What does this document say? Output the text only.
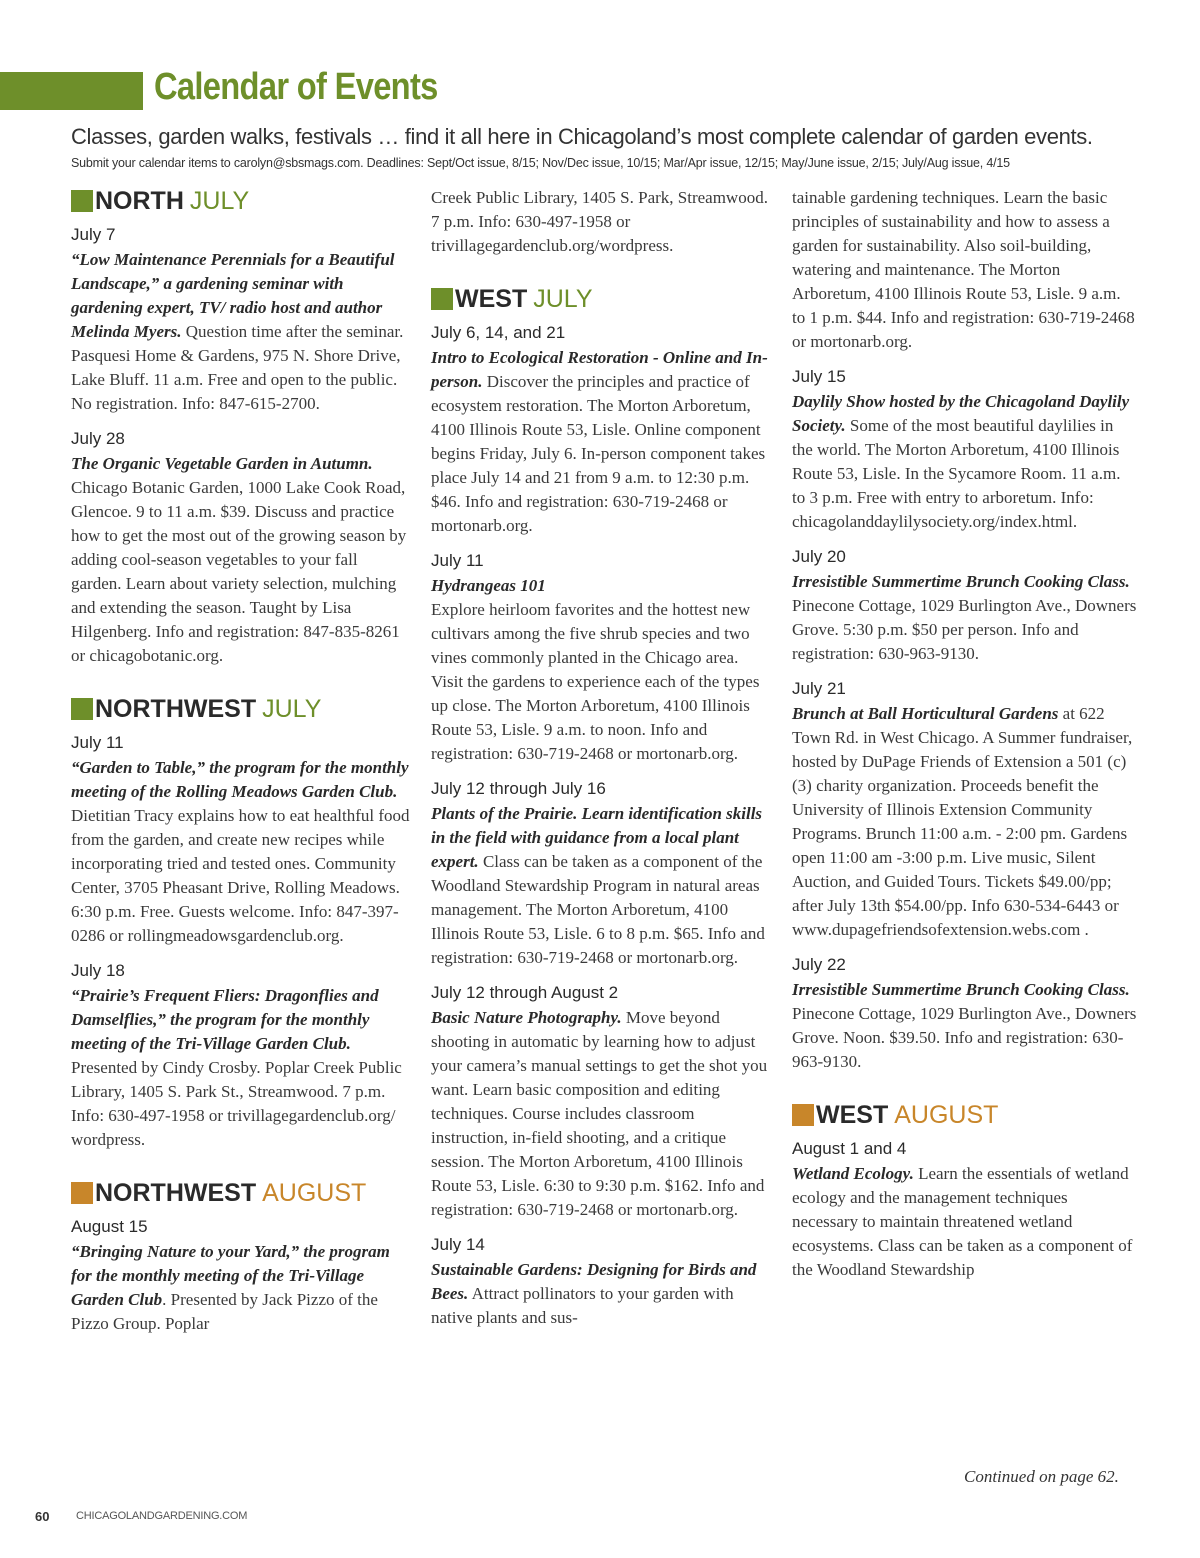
Calendar of Events
Classes, garden walks, festivals … find it all here in Chicagoland’s most complete calendar of garden events.
Submit your calendar items to carolyn@sbsmags.com. Deadlines: Sept/Oct issue, 8/15; Nov/Dec issue, 10/15; Mar/Apr issue, 12/15; May/June issue, 2/15; July/Aug issue, 4/15
NORTH JULY
July 7
“Low Maintenance Perennials for a Beautiful Landscape,” a gardening seminar with gardening expert, TV/ radio host and author Melinda Myers. Question time after the seminar. Pasquesi Home & Gardens, 975 N. Shore Drive, Lake Bluff. 11 a.m. Free and open to the public. No registration. Info: 847-615-2700.
July 28
The Organic Vegetable Garden in Autumn. Chicago Botanic Garden, 1000 Lake Cook Road, Glencoe. 9 to 11 a.m. $39. Discuss and practice how to get the most out of the growing season by adding cool-season vegetables to your fall garden. Learn about variety selection, mulching and extending the season. Taught by Lisa Hilgenberg. Info and registration: 847-835-8261 or chicagobotanic.org.
NORTHWEST JULY
July 11
“Garden to Table,” the program for the monthly meeting of the Rolling Meadows Garden Club. Dietitian Tracy explains how to eat healthful food from the garden, and create new recipes while incorporating tried and tested ones. Community Center, 3705 Pheasant Drive, Rolling Meadows. 6:30 p.m. Free. Guests welcome. Info: 847-397- 0286 or rollingmeadowsgardenclub.org.
July 18
“Prairie’s Frequent Fliers: Dragonflies and Damselflies,” the program for the monthly meeting of the Tri-Village Garden Club. Presented by Cindy Crosby. Poplar Creek Public Library, 1405 S. Park St., Streamwood. 7 p.m. Info: 630-497-1958 or trivillagegardenclub.org/ wordpress.
NORTHWEST AUGUST
August 15
“Bringing Nature to your Yard,” the program for the monthly meeting of the Tri-Village Garden Club. Presented by Jack Pizzo of the Pizzo Group. Poplar
Creek Public Library, 1405 S. Park, Streamwood. 7 p.m. Info: 630-497-1958 or trivillagegardenclub.org/wordpress.
WEST JULY
July 6, 14, and 21
Intro to Ecological Restoration - Online and In-person. Discover the principles and practice of ecosystem restoration. The Morton Arboretum, 4100 Illinois Route 53, Lisle. Online component begins Friday, July 6. In-person component takes place July 14 and 21 from 9 a.m. to 12:30 p.m. $46. Info and registration: 630-719-2468 or mortonarb.org.
July 11
Hydrangeas 101
Explore heirloom favorites and the hottest new cultivars among the five shrub species and two vines commonly planted in the Chicago area. Visit the gardens to experience each of the types up close. The Morton Arboretum, 4100 Illinois Route 53, Lisle. 9 a.m. to noon. Info and registration: 630-719-2468 or mortonarb.org.
July 12 through July 16
Plants of the Prairie. Learn identification skills in the field with guidance from a local plant expert. Class can be taken as a component of the Woodland Stewardship Program in natural areas management. The Morton Arboretum, 4100 Illinois Route 53, Lisle. 6 to 8 p.m. $65. Info and registration: 630-719-2468 or mortonarb.org.
July 12 through August 2
Basic Nature Photography. Move beyond shooting in automatic by learning how to adjust your camera’s manual settings to get the shot you want. Learn basic composition and editing techniques. Course includes classroom instruction, in-field shooting, and a critique session. The Morton Arboretum, 4100 Illinois Route 53, Lisle. 6:30 to 9:30 p.m. $162. Info and registration: 630-719-2468 or mortonarb.org.
July 14
Sustainable Gardens: Designing for Birds and Bees. Attract pollinators to your garden with native plants and sus-
tainable gardening techniques. Learn the basic principles of sustainability and how to assess a garden for sustainability. Also soil-building, watering and maintenance. The Morton Arboretum, 4100 Illinois Route 53, Lisle. 9 a.m. to 1 p.m. $44. Info and registration: 630-719-2468 or mortonarb.org.
July 15
Daylily Show hosted by the Chicagoland Daylily Society. Some of the most beautiful daylilies in the world. The Morton Arboretum, 4100 Illinois Route 53, Lisle. In the Sycamore Room. 11 a.m. to 3 p.m. Free with entry to arboretum. Info: chicagolanddaylilysociety.org/index.html.
July 20
Irresistible Summertime Brunch Cooking Class. Pinecone Cottage, 1029 Burlington Ave., Downers Grove. 5:30 p.m. $50 per person. Info and registration: 630-963-9130.
July 21
Brunch at Ball Horticultural Gardens at 622 Town Rd. in West Chicago. A Summer fundraiser, hosted by DuPage Friends of Extension a 501 (c) (3) charity organization. Proceeds benefit the University of Illinois Extension Community Programs. Brunch 11:00 a.m. - 2:00 pm. Gardens open 11:00 am -3:00 p.m. Live music, Silent Auction, and Guided Tours. Tickets $49.00/pp; after July 13th $54.00/pp. Info 630-534-6443 or www.dupagefriendsofextension.webs.com .
July 22
Irresistible Summertime Brunch Cooking Class. Pinecone Cottage, 1029 Burlington Ave., Downers Grove. Noon. $39.50. Info and registration: 630-963-9130.
WEST AUGUST
August 1 and 4
Wetland Ecology. Learn the essentials of wetland ecology and the management techniques necessary to maintain threatened wetland ecosystems. Class can be taken as a component of the Woodland Stewardship
Continued on page 62.
60 CHICAGOLANDGARDENING.COM
